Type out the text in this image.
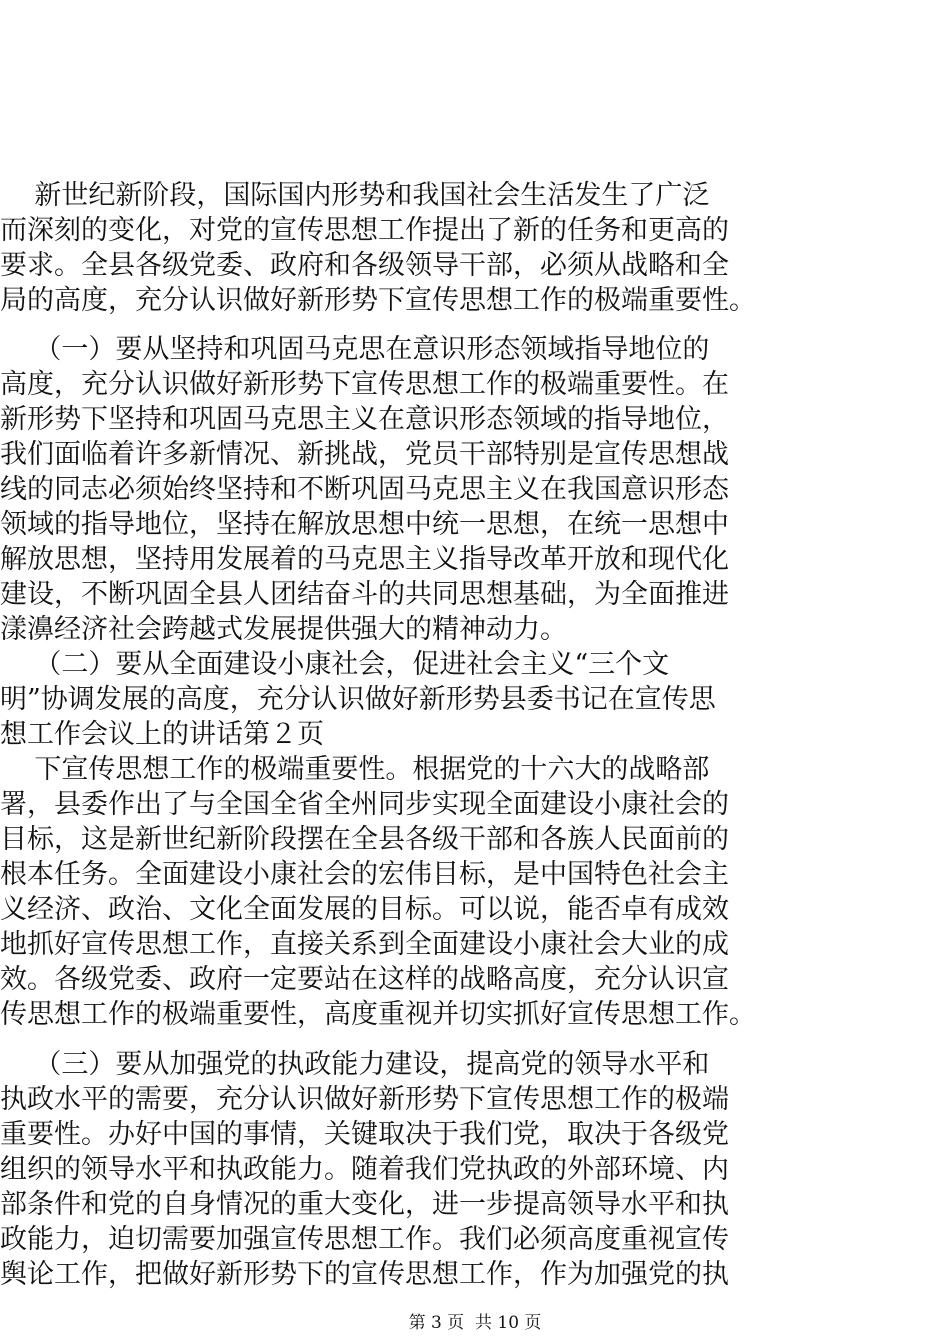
新世纪新阶段，国际国内形势和我国社会生活发生了广泛
而深刻的变化，对党的宣传思想工作提出了新的任务和更高的
要求。全县各级党委、政府和各级领导干部，必须从战略和全
局的高度，充分认识做好新形势下宣传思想工作的极端重要性。
（一）要从坚持和巩固马克思在意识形态领域指导地位的
高度，充分认识做好新形势下宣传思想工作的极端重要性。在
新形势下坚持和巩固马克思主义在意识形态领域的指导地位，
我们面临着许多新情况、新挑战，党员干部特别是宣传思想战
线的同志必须始终坚持和不断巩固马克思主义在我国意识形态
领域的指导地位，坚持在解放思想中统一思想，在统一思想中
解放思想，坚持用发展着的马克思主义指导改革开放和现代化
建设，不断巩固全县人团结奋斗的共同思想基础，为全面推进
漾濞经济社会跨越式发展提供强大的精神动力。
（二）要从全面建设小康社会，促进社会主义“三个文
明”协调发展的高度，充分认识做好新形势县委书记在宣传思
想工作会议上的讲话第２页
下宣传思想工作的极端重要性。根据党的十六大的战略部
署，县委作出了与全国全省全州同步实现全面建设小康社会的
目标，这是新世纪新阶段摆在全县各级干部和各族人民面前的
根本任务。全面建设小康社会的宏伟目标，是中国特色社会主
义经济、政治、文化全面发展的目标。可以说，能否卓有成效
地抓好宣传思想工作，直接关系到全面建设小康社会大业的成
效。各级党委、政府一定要站在这样的战略高度，充分认识宣
传思想工作的极端重要性，高度重视并切实抓好宣传思想工作。
（三）要从加强党的执政能力建设，提高党的领导水平和
执政水平的需要，充分认识做好新形势下宣传思想工作的极端
重要性。办好中国的事情，关键取决于我们党，取决于各级党
组织的领导水平和执政能力。随着我们党执政的外部环境、内
部条件和党的自身情况的重大变化，进一步提高领导水平和执
政能力，迫切需要加强宣传思想工作。我们必须高度重视宣传
舆论工作，把做好新形势下的宣传思想工作，作为加强党的执
第 3 页  共 10 页
